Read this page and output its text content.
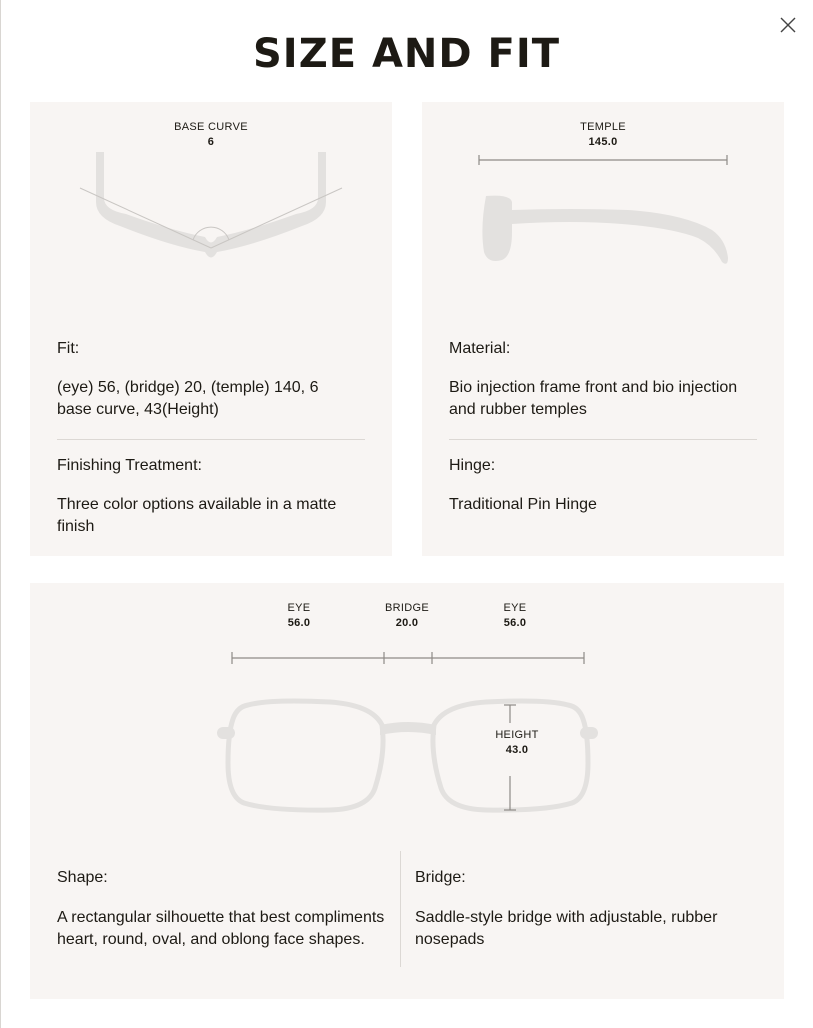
SIZE AND FIT
BASE CURVE
6
Fit:
(eye) 56, (bridge) 20, (temple) 140, 6 base curve, 43(Height)
Finishing Treatment:
Three color options available in a matte finish
TEMPLE
145.0
Material:
Bio injection frame front and bio injection and rubber temples
Hinge:
Traditional Pin Hinge
EYE
56.0
BRIDGE
20.0
EYE
56.0
HEIGHT
43.0
Shape:
A rectangular silhouette that best compliments heart, round, oval, and oblong face shapes.
Bridge:
Saddle-style bridge with adjustable, rubber nosepads
